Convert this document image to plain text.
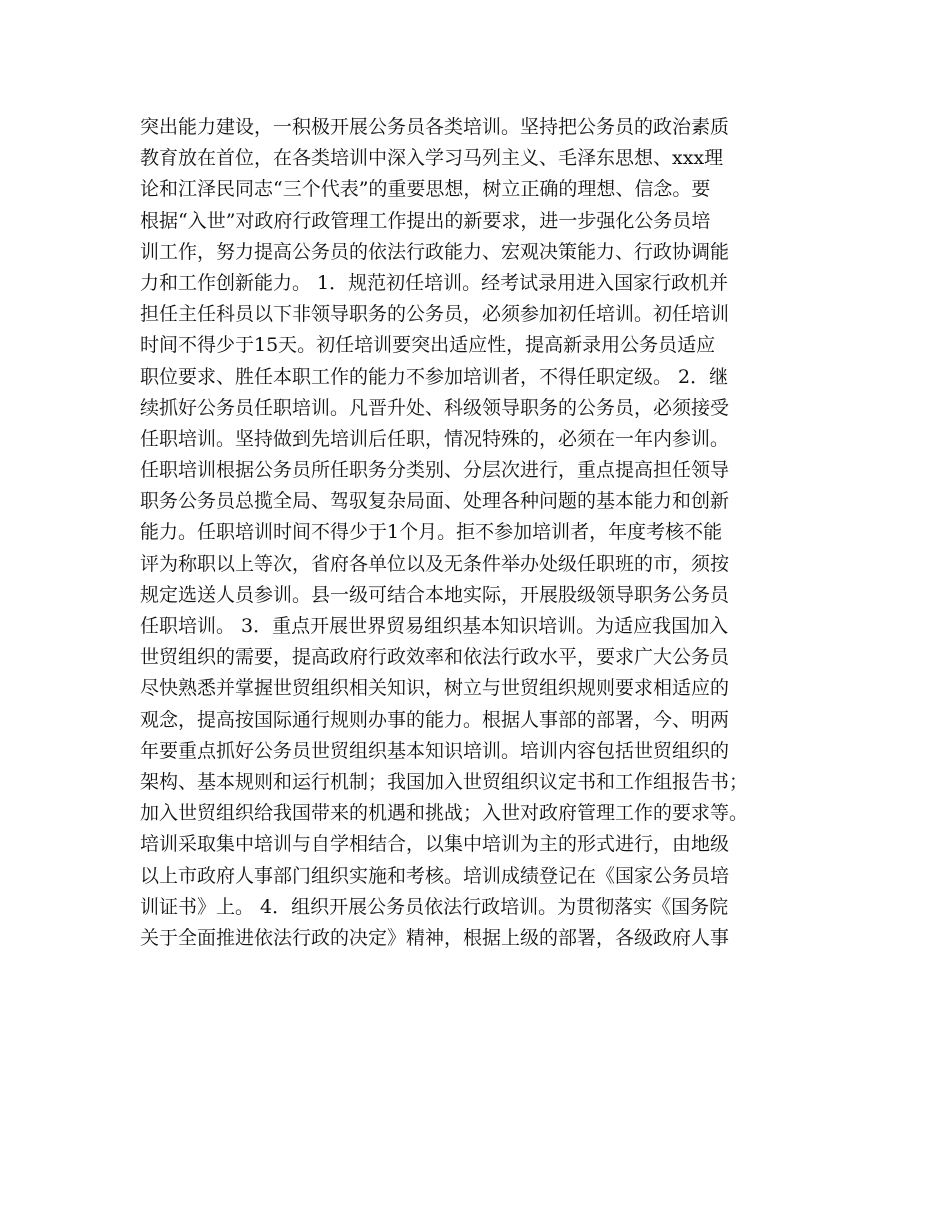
突出能力建设，一积极开展公务员各类培训。坚持把公务员的政治素质
教育放在首位，在各类培训中深入学习马列主义、毛泽东思想、xxx理
论和江泽民同志“三个代表”的重要思想，树立正确的理想、信念。要
根据“入世”对政府行政管理工作提出的新要求，进一步强化公务员培
训工作，努力提高公务员的依法行政能力、宏观决策能力、行政协调能
力和工作创新能力。 1．规范初任培训。经考试录用进入国家行政机并
担任主任科员以下非领导职务的公务员，必须参加初任培训。初任培训
时间不得少于15天。初任培训要突出适应性，提高新录用公务员适应
职位要求、胜任本职工作的能力不参加培训者，不得任职定级。 2．继
续抓好公务员任职培训。凡晋升处、科级领导职务的公务员，必须接受
任职培训。坚持做到先培训后任职，情况特殊的，必须在一年内参训。
任职培训根据公务员所任职务分类别、分层次进行，重点提高担任领导
职务公务员总揽全局、驾驭复杂局面、处理各种问题的基本能力和创新
能力。任职培训时间不得少于1个月。拒不参加培训者，年度考核不能
评为称职以上等次，省府各单位以及无条件举办处级任职班的市，须按
规定选送人员参训。县一级可结合本地实际，开展股级领导职务公务员
任职培训。 3．重点开展世界贸易组织基本知识培训。为适应我国加入
世贸组织的需要，提高政府行政效率和依法行政水平，要求广大公务员
尽快熟悉并掌握世贸组织相关知识，树立与世贸组织规则要求相适应的
观念，提高按国际通行规则办事的能力。根据人事部的部署，今、明两
年要重点抓好公务员世贸组织基本知识培训。培训内容包括世贸组织的
架构、基本规则和运行机制；我国加入世贸组织议定书和工作组报告书；
加入世贸组织给我国带来的机遇和挑战；入世对政府管理工作的要求等。
培训采取集中培训与自学相结合，以集中培训为主的形式进行，由地级
以上市政府人事部门组织实施和考核。培训成绩登记在《国家公务员培
训证书》上。 4．组织开展公务员依法行政培训。为贯彻落实《国务院
关于全面推进依法行政的决定》精神，根据上级的部署，各级政府人事
